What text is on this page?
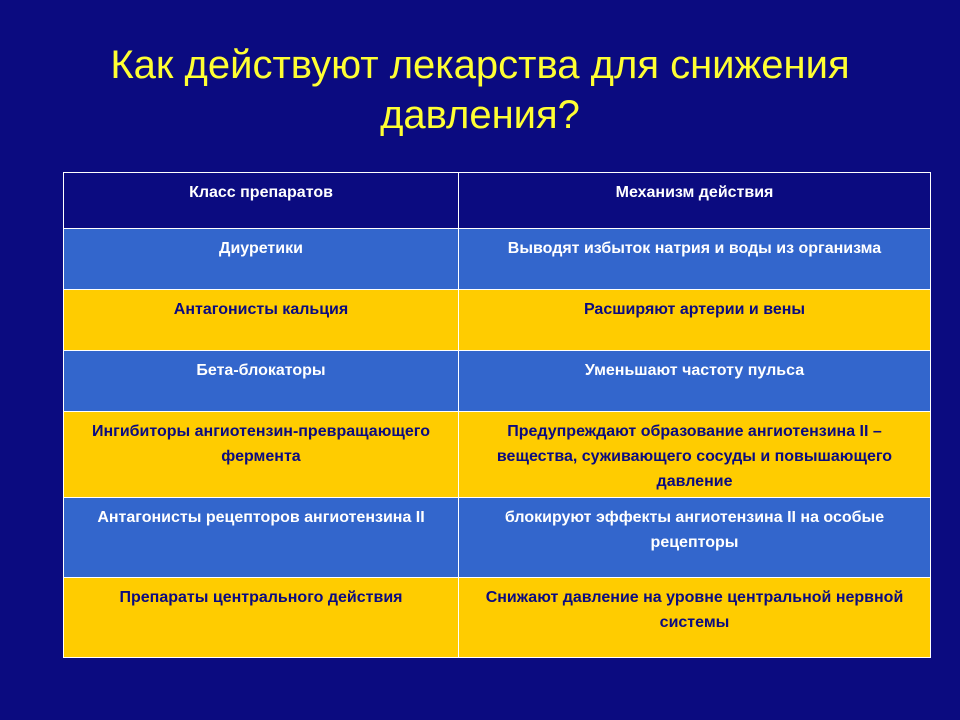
Как действуют лекарства для снижения
давления?
Класс препаратов	Механизм действия
Диуретики	Выводят избыток натрия и воды из организма
Антагонисты кальция	Расширяют артерии и вены
Бета-блокаторы	Уменьшают частоту пульса
Ингибиторы ангиотензин-превращающего фермента	Предупреждают образование ангиотензина II – вещества, суживающего сосуды и повышающего давление
Антагонисты рецепторов ангиотензина II	блокируют эффекты ангиотензина II на особые рецепторы
Препараты центрального действия	Снижают давление на уровне центральной нервной системы
